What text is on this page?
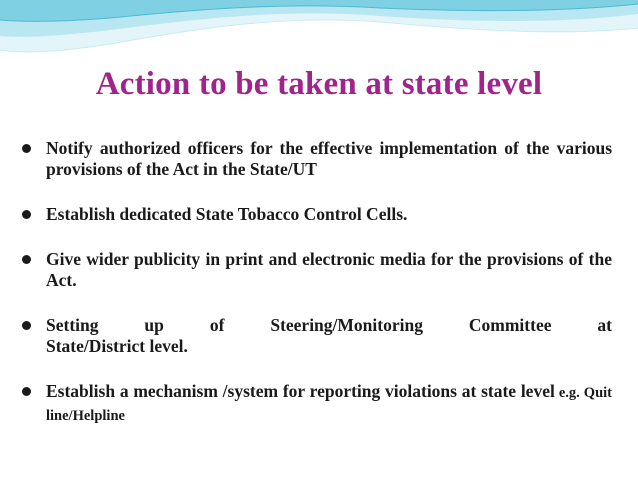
Action to be taken at state level
Notify authorized officers for the effective implementation of the various provisions of the Act in the State/UT
Establish dedicated State Tobacco Control Cells.
Give wider publicity in print and electronic media for the provisions of the Act.
Setting up of Steering/Monitoring Committee at
State/District level.
Establish a mechanism /system for reporting violations at state level e.g. Quit line/Helpline
